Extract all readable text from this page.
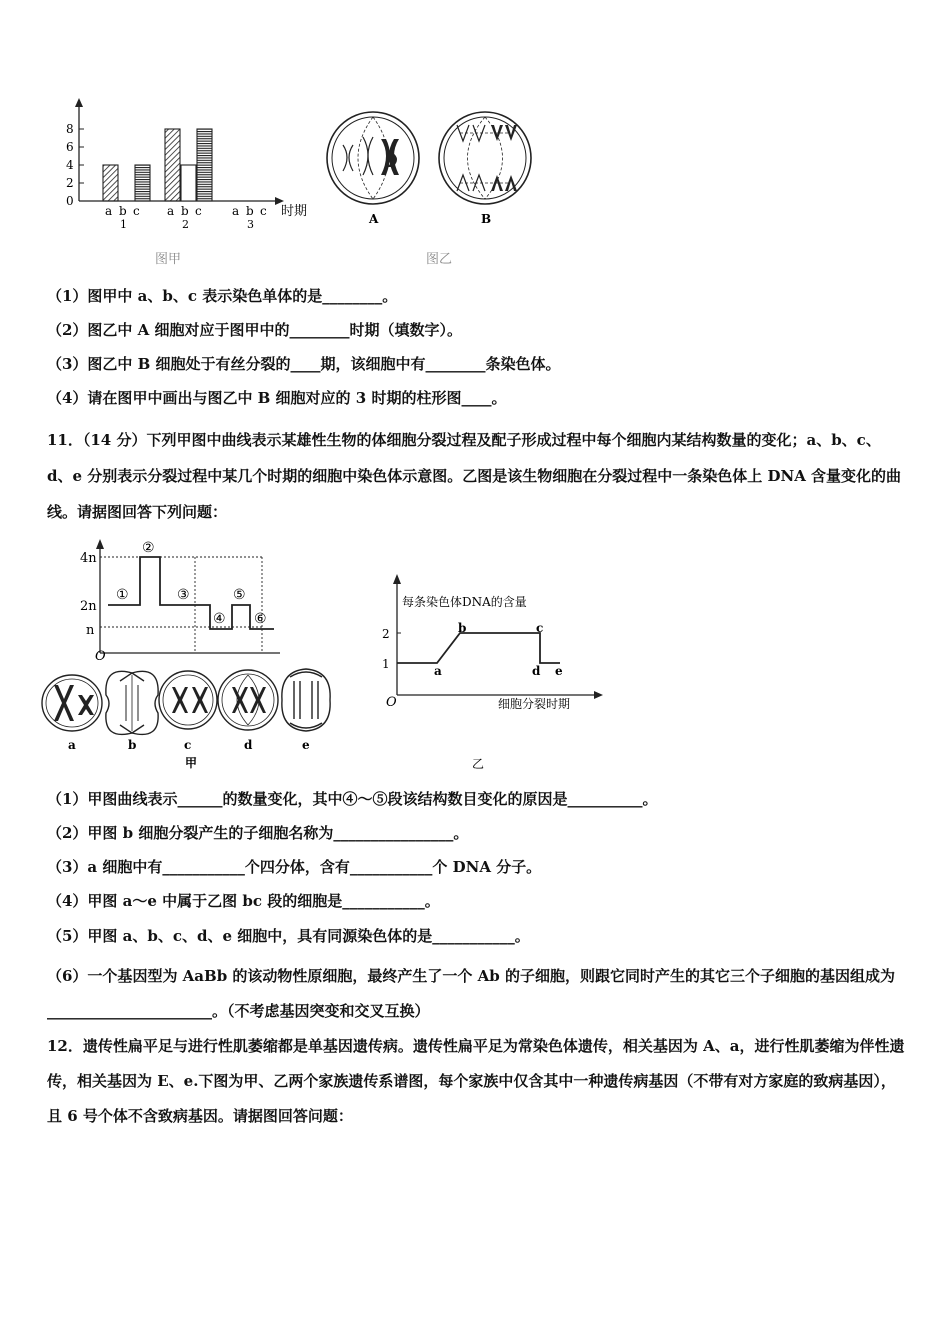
8
6
4
2
0
a b c
1
a b c
2
a b c
3
时期	A	B
图甲	图乙
（1）图甲中 a、b、c 表示染色单体的是________。
（2）图乙中 A 细胞对应于图甲中的________时期（填数字）。
（3）图乙中 B 细胞处于有丝分裂的____期，该细胞中有________条染色体。
（4）请在图甲中画出与图乙中 B 细胞对应的 3 时期的柱形图____。
11．（14 分）下列甲图中曲线表示某雄性生物的体细胞分裂过程及配子形成过程中每个细胞内某结构数量的变化；a、b、c、d、e 分别表示分裂过程中某几个时期的细胞中染色体示意图。乙图是该生物细胞在分裂过程中一条染色体上 DNA 含量变化的曲线。请据图回答下列问题：
O
4n
2n
n
①
②
③
④
⑤
⑥
a	b	c	d	e
甲
每条染色体DNA的含量
细胞分裂时期
O
2
1	a
b	c
d e
乙
（1）甲图曲线表示______的数量变化，其中④～⑤段该结构数目变化的原因是__________。
（2）甲图 b 细胞分裂产生的子细胞名称为________________。
（3）a 细胞中有___________个四分体，含有___________个 DNA 分子。
（4）甲图 a～e 中属于乙图 bc 段的细胞是___________。
（5）甲图 a、b、c、d、e 细胞中，具有同源染色体的是___________。
（6）一个基因型为 AaBb 的该动物性原细胞，最终产生了一个 Ab 的子细胞，则跟它同时产生的其它三个子细胞的基因组成为______________________。（不考虑基因突变和交叉互换）
12．遗传性扁平足与进行性肌萎缩都是单基因遗传病。遗传性扁平足为常染色体遗传，相关基因为 A、a，进行性肌萎缩为伴性遗传，相关基因为 E、e.下图为甲、乙两个家族遗传系谱图，每个家族中仅含其中一种遗传病基因（不带有对方家庭的致病基因），且 6 号个体不含致病基因。请据图回答问题：
